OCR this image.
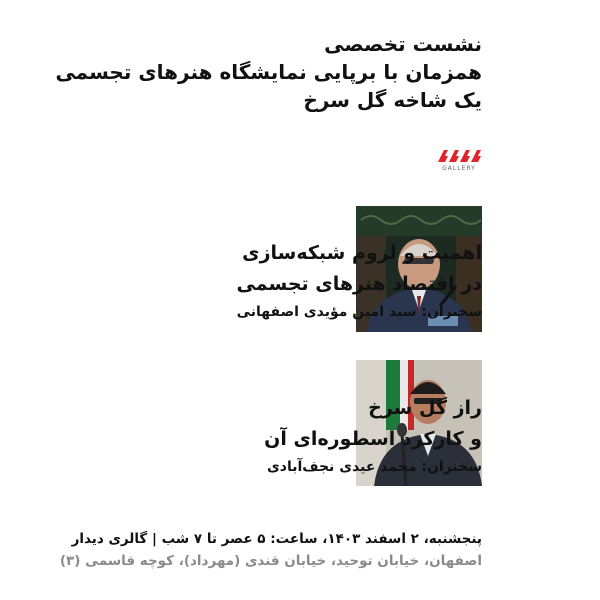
نشست تخصصی
همزمان با برپایی نمایشگاه هنرهای تجسمی
یک شاخه گل سرخ
GALLERY
اهمیت و لزوم شبکه‌سازی
در اقتصاد هنرهای تجسمی
سخنران: سید امین مؤیدی اصفهانی
راز گل سرخ
و کارکرد اسطوره‌ای آن
سخنران: محمد عیدی نجف‌آبادی
پنجشنبه، ۲ اسفند ۱۴۰۳، ساعت: ۵ عصر تا ۷ شب | گالری دیدار
اصفهان، خیابان توحید، خیابان قندی (مهرداد)، کوچه قاسمی (۳)
